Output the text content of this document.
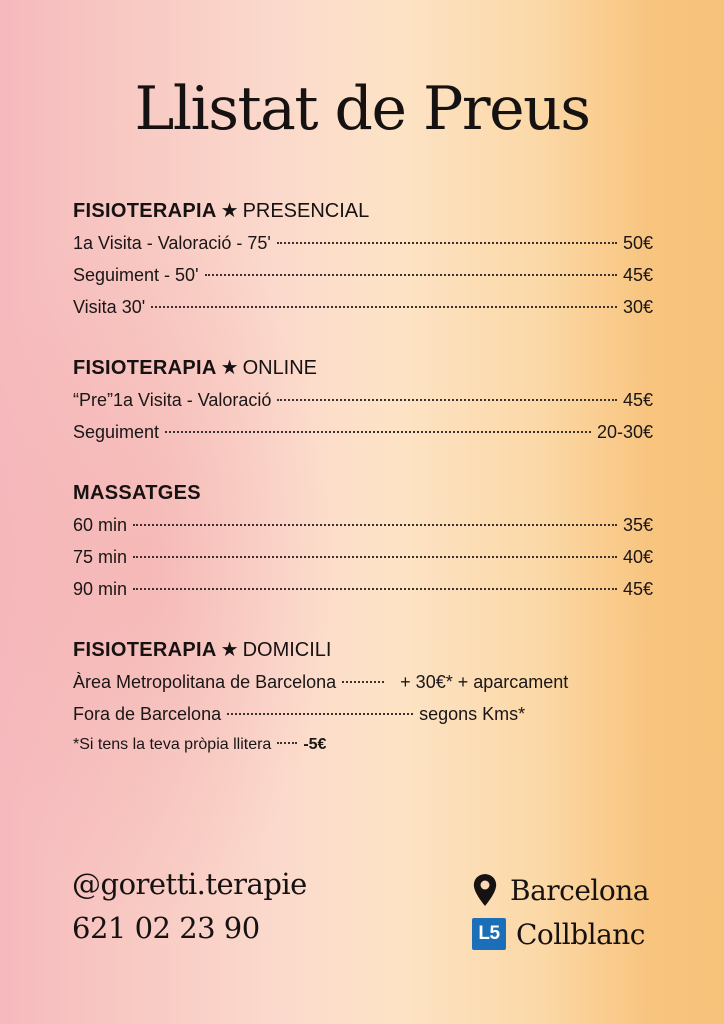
Llistat de Preus
FISIOTERAPIA ★ PRESENCIAL
1a Visita - Valoració - 75'	50€
Seguiment - 50'	45€
Visita 30'	30€
FISIOTERAPIA ★ ONLINE
“Pre”1a Visita - Valoració	45€
Seguiment	20-30€
MASSATGES
60 min	35€
75 min	40€
90 min	45€
FISIOTERAPIA ★ DOMICILI
Àrea Metropolitana de Barcelona	+ 30€* + aparcament
Fora de Barcelona	segons Kms*
*Si tens la teva pròpia llitera -5€
@goretti.terapie
621 02 23 90
Barcelona
L5 Collblanc
